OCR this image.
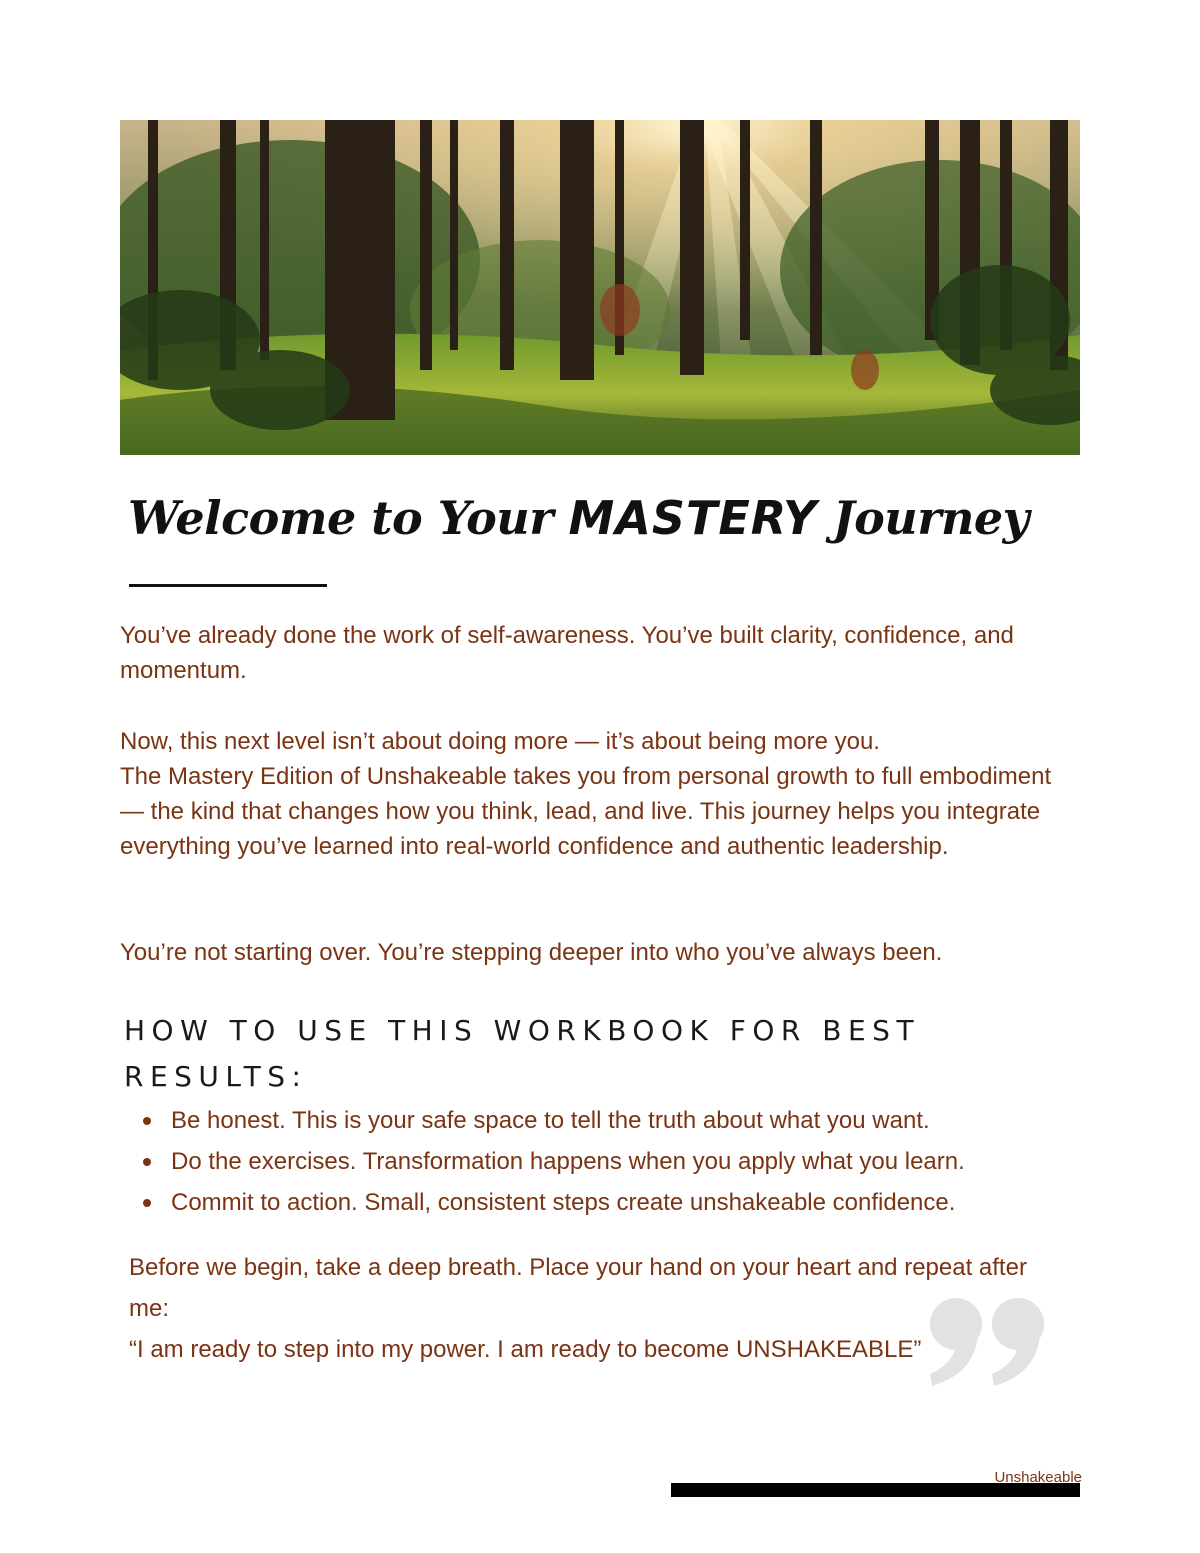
Welcome to Your MASTERY Journey

You’ve already done the work of self-awareness. You’ve built clarity, confidence, and momentum.

Now, this next level isn’t about doing more — it’s about being more you.
The Mastery Edition of Unshakeable takes you from personal growth to full embodiment — the kind that changes how you think, lead, and live. This journey helps you integrate everything you’ve learned into real-world confidence and authentic leadership.

You’re not starting over. You’re stepping deeper into who you’ve always been.

HOW TO USE THIS WORKBOOK FOR BEST RESULTS:
Be honest. This is your safe space to tell the truth about what you want.
Do the exercises. Transformation happens when you apply what you learn.
Commit to action. Small, consistent steps create unshakeable confidence.
Before we begin, take a deep breath. Place your hand on your heart and repeat after me:
“I am ready to step into my power. I am ready to become UNSHAKEABLE”
Unshakeable
